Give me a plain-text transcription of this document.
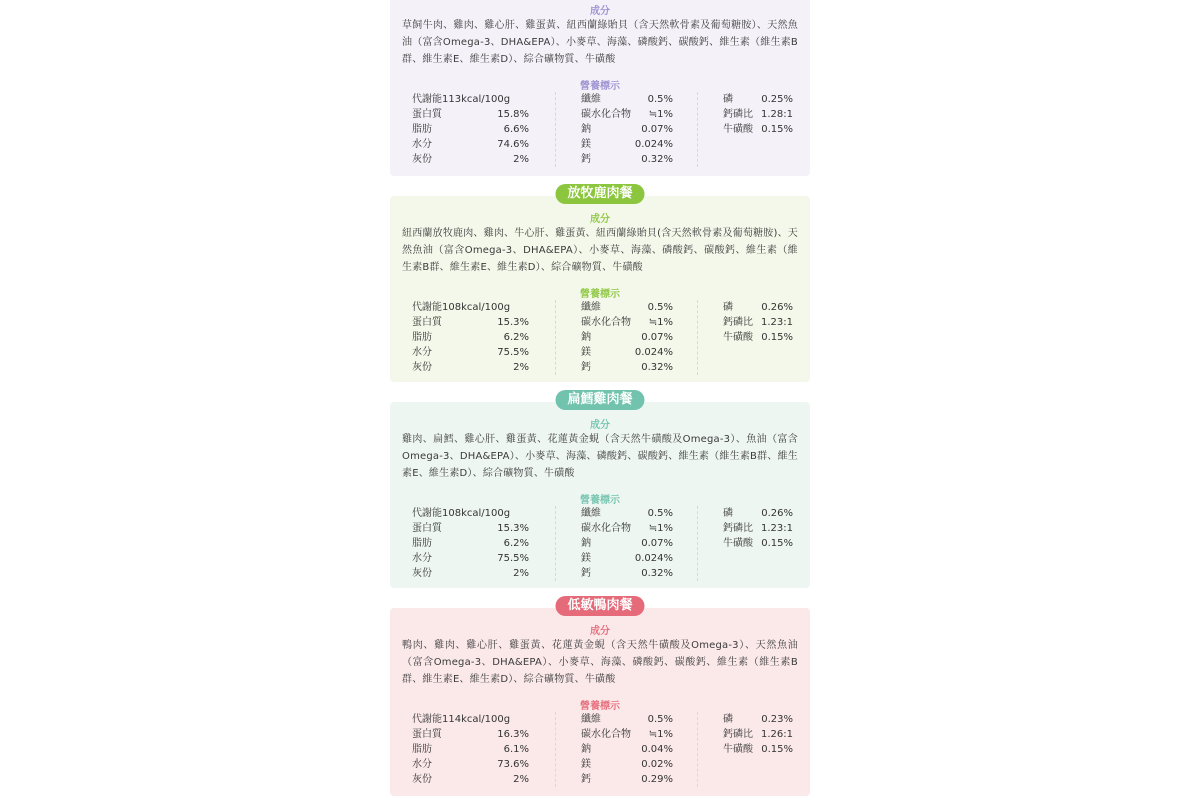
成分
草飼牛肉、雞肉、雞心肝、雞蛋黃、紐西蘭綠貽貝（含天然軟骨素及葡萄糖胺）、天然魚油（富含Omega-3、DHA&EPA）、小麥草、海藻、磷酸鈣、碳酸鈣、維生素（維生素B群、維生素E、維生素D）、綜合礦物質、牛磺酸
營養標示
代謝能113kcal/100g
蛋白質	15.8%
脂肪	6.6%
水分	74.6%
灰份	2%
纖維	0.5%
碳水化合物 ≒1%
鈉	0.07%
鎂	0.024%
鈣	0.32%
磷	0.25%
鈣磷比 1.28:1
牛磺酸 0.15%
放牧鹿肉餐
成分
紐西蘭放牧鹿肉、雞肉、牛心肝、雞蛋黃、紐西蘭綠貽貝(含天然軟骨素及葡萄糖胺)、天然魚油（富含Omega-3、DHA&EPA）、小麥草、海藻、磷酸鈣、碳酸鈣、維生素（維生素B群、維生素E、維生素D）、綜合礦物質、牛磺酸
營養標示
代謝能108kcal/100g
蛋白質	15.3%
脂肪	6.2%
水分	75.5%
灰份	2%
纖維	0.5%
碳水化合物 ≒1%
鈉	0.07%
鎂	0.024%
鈣	0.32%
磷	0.26%
鈣磷比 1.23:1
牛磺酸 0.15%
扁鱈雞肉餐
成分
雞肉、扁鱈、雞心肝、雞蛋黃、花蓮黃金蜆（含天然牛磺酸及Omega-3）、魚油（富含Omega-3、DHA&EPA）、小麥草、海藻、磷酸鈣、碳酸鈣、維生素（維生素B群、維生素E、維生素D）、綜合礦物質、牛磺酸
營養標示
代謝能108kcal/100g
蛋白質	15.3%
脂肪	6.2%
水分	75.5%
灰份	2%
纖維	0.5%
碳水化合物 ≒1%
鈉	0.07%
鎂	0.024%
鈣	0.32%
磷	0.26%
鈣磷比 1.23:1
牛磺酸 0.15%
低敏鴨肉餐
成分
鴨肉、雞肉、雞心肝、雞蛋黃、花蓮黃金蜆（含天然牛磺酸及Omega-3）、天然魚油（富含Omega-3、DHA&EPA）、小麥草、海藻、磷酸鈣、碳酸鈣、維生素（維生素B群、維生素E、維生素D）、綜合礦物質、牛磺酸
營養標示
代謝能114kcal/100g
蛋白質	16.3%
脂肪	6.1%
水分	73.6%
灰份	2%
纖維	0.5%
碳水化合物 ≒1%
鈉	0.04%
鎂	0.02%
鈣	0.29%
磷	0.23%
鈣磷比 1.26:1
牛磺酸 0.15%
